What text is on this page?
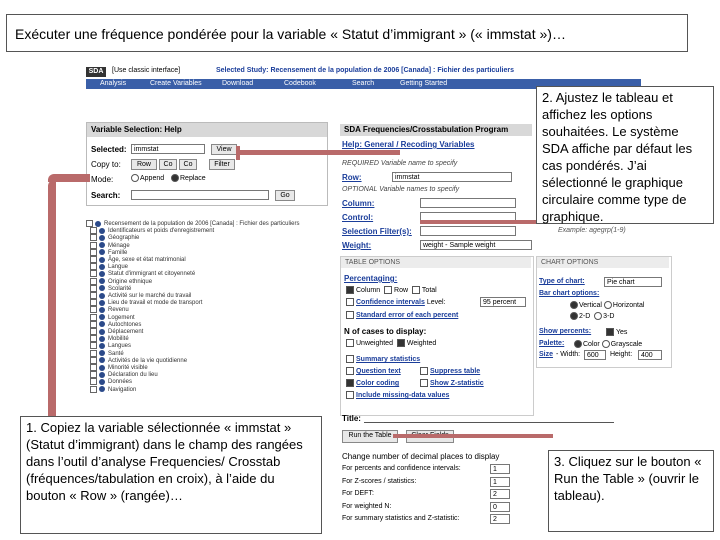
Exécuter une fréquence pondérée pour la variable « Statut d’immigrant » (« immstat »)…
SDA	[Use classic interface]	Selected Study: Recensement de la population de 2006 [Canada] : Fichier des particuliers
Analysis	Create Variables	Download	Codebook	Search	Getting Started
Variable Selection: Help
Selected:	immstat	View
Copy to:	Row	Co	Co	Filter
Mode:	Append	Replace
Search:	Go
Recensement de la population de 2006 [Canada] : Fichier des particuliers
Identificateurs et poids d'enregistrement
Géographie
Ménage
Famille
Âge, sexe et état matrimonial
Langue
Statut d'immigrant et citoyenneté
Origine ethnique
Scolarité
Activité sur le marché du travail
Lieu de travail et mode de transport
Revenu
Logement
Autochtones
Déplacement
Mobilité
Langues
Santé
Activités de la vie quotidienne
Minorité visible
Déclaration du lieu
Données
Navigation
SDA Frequencies/Crosstabulation Program
Help: General / Recoding Variables
REQUIRED Variable name to specify
Row:	immstat
OPTIONAL Variable names to specify
Column:
Control:
Selection Filter(s):	Example: agegrp(1-9)
Weight:	weight - Sample weight
TABLE OPTIONS
Percentaging:
Column Row Total
Confidence intervals Level:	95 percent
Standard error of each percent
N of cases to display:
Unweighted Weighted
Summary statistics
Question text	Suppress table
Color coding	Show Z-statistic
Include missing-data values
CHART OPTIONS
Type of chart:	Pie chart
Bar chart options:
Vertical Horizontal
2-D 3-D
Show percents:	Yes
Palette:	Color Grayscale
Size - Width: 600	Height:	400
Title:
Run the Table
Change number of decimal places to display
For percents and confidence intervals:	1
For Z-scores / statistics:	1
For DEFT:	2
For weighted N:	0
For summary statistics and Z-statistic:	2
2. Ajustez le tableau et affichez les options souhaitées. Le système SDA affiche par défaut les cas pondérés. J’ai sélectionné le graphique circulaire comme type de graphique.
1. Copiez la variable sélectionnée « immstat » (Statut d’immigrant) dans le champ des rangées dans l’outil d’analyse Frequencies/ Crosstab (fréquences/tabulation en croix), à l’aide du bouton « Row » (rangée)…
3. Cliquez sur le bouton « Run the Table » (ouvrir le tableau).
